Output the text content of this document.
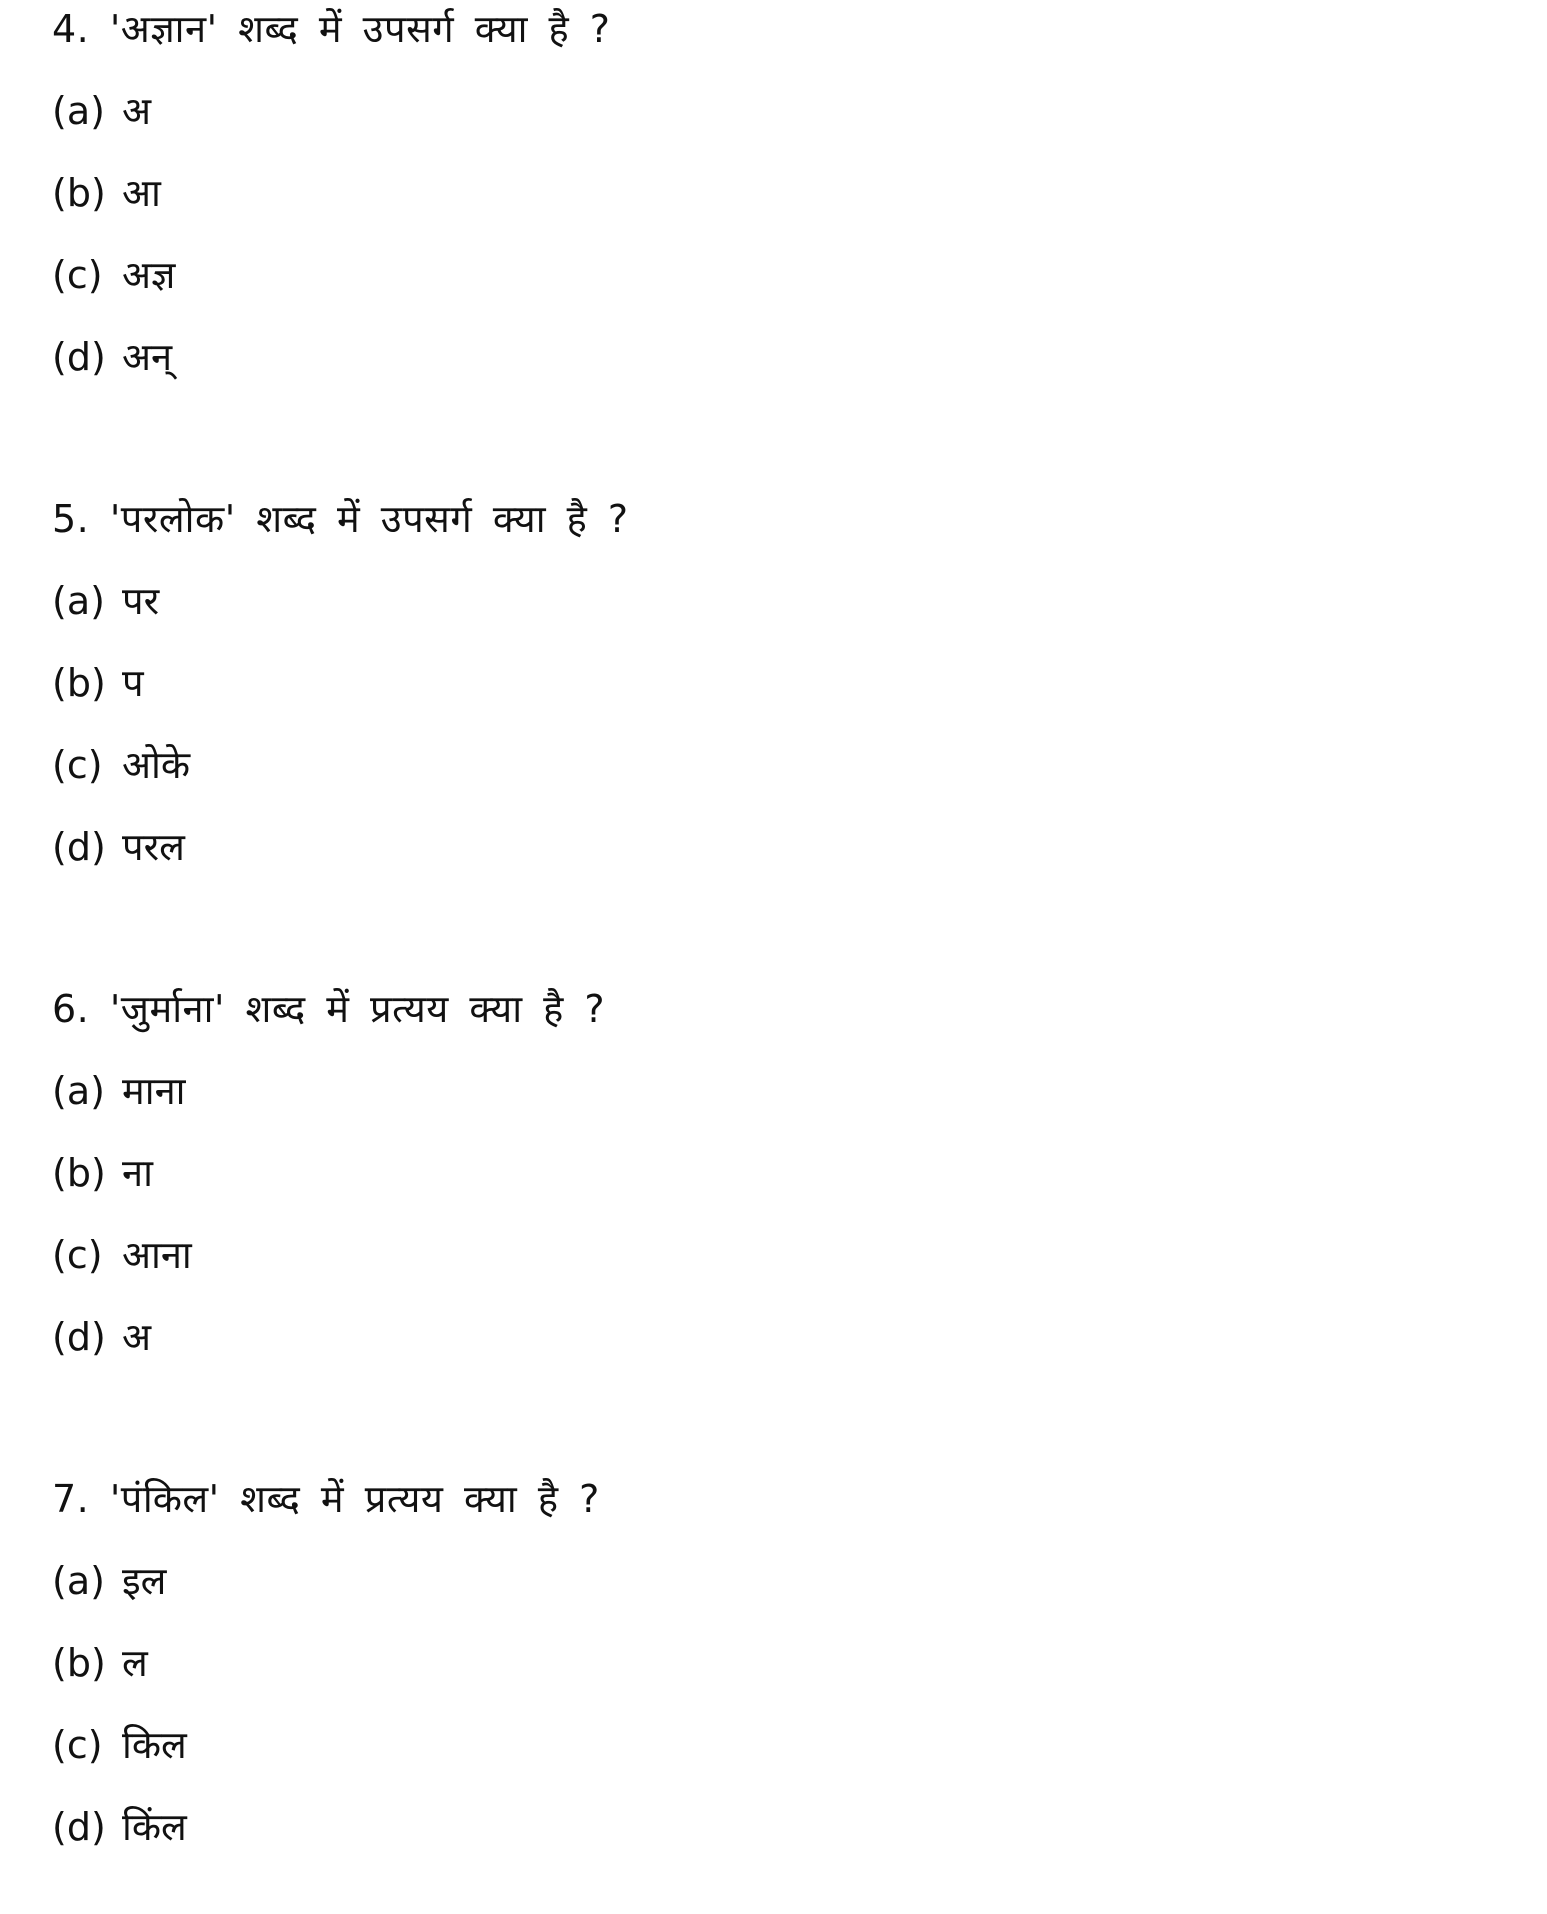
4. 'अज्ञान' शब्द में उपसर्ग क्या है ?
(a) अ
(b) आ
(c) अज्ञ
(d) अन्
5. 'परलोक' शब्द में उपसर्ग क्या है ?
(a) पर
(b) प
(c) ओके
(d) परल
6. 'जुर्माना' शब्द में प्रत्यय क्या है ?
(a) माना
(b) ना
(c) आना
(d) अ
7. 'पंकिल' शब्द में प्रत्यय क्या है ?
(a) इल
(b) ल
(c) किल
(d) किंल
